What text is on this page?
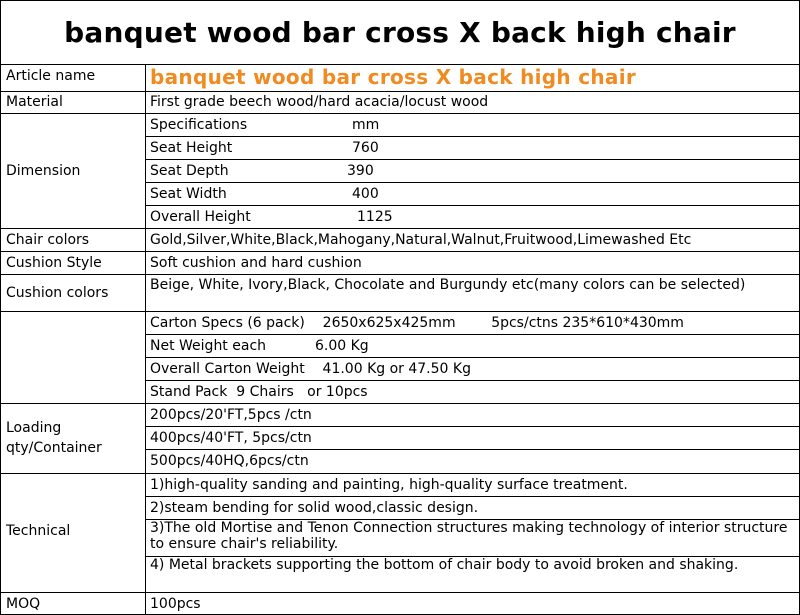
banquet wood bar cross X back high chair
Article name	banquet wood bar cross X back high chair
Material	First grade beech wood/hard acacia/locust wood
Dimension
Specifications	mm
Seat Height	760
Seat Depth	390
Seat Width	400
Overall Height	1125
Chair colors	Gold,Silver,White,Black,Mahogany,Natural,Walnut,Fruitwood,Limewashed Etc
Cushion Style	Soft cushion and hard cushion
Cushion colors	Beige, White, Ivory,Black, Chocolate and Burgundy etc(many colors can be selected)
Carton Specs (6 pack)    2650x625x425mm        5pcs/ctns 235*610*430mm
Net Weight each           6.00 Kg
Overall Carton Weight    41.00 Kg or 47.50 Kg
Stand Pack  9 Chairs   or 10pcs
Loading
qty/Container
200pcs/20'FT,5pcs /ctn
400pcs/40'FT, 5pcs/ctn
500pcs/40HQ,6pcs/ctn
Technical
1)high-quality sanding and painting, high-quality surface treatment.
2)steam bending for solid wood,classic design.
3)The old Mortise and Tenon Connection structures making technology of interior structure to ensure chair's reliability.
4) Metal brackets supporting the bottom of chair body to avoid broken and shaking.
MOQ	100pcs
